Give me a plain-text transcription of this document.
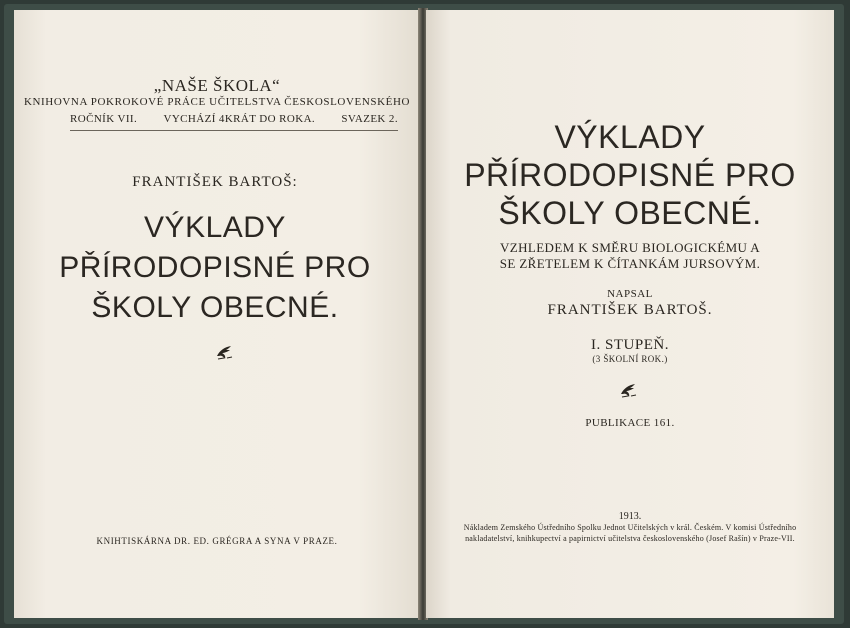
„NAŠE ŠKOLA“
KNIHOVNA POKROKOVÉ PRÁCE UČITELSTVA ČESKOSLOVENSKÉHO
ROČNÍK VII. VYCHÁZÍ 4KRÁT DO ROKA. SVAZEK 2.
FRANTIŠEK BARTOŠ:
VÝKLADY
PŘÍRODOPISNÉ PRO
ŠKOLY OBECNÉ.
KNIHTISKÁRNA DR. ED. GRÉGRA A SYNA V PRAZE.
VÝKLADY
PŘÍRODOPISNÉ PRO
ŠKOLY OBECNÉ.
VZHLEDEM K SMĚRU BIOLOGICKÉMU A
SE ZŘETELEM K ČÍTANKÁM JURSOVÝM.
NAPSAL
FRANTIŠEK BARTOŠ.
I. STUPEŇ.
(3 ŠKOLNÍ ROK.)
PUBLIKACE 161.
1913.
Nákladem Zemského Ústředního Spolku Jednot Učitelských v král. Českém. V komisi Ústředního
nakladatelství, knihkupectví a papirnictví učitelstva československého (Josef Rašín) v Praze-VII.
